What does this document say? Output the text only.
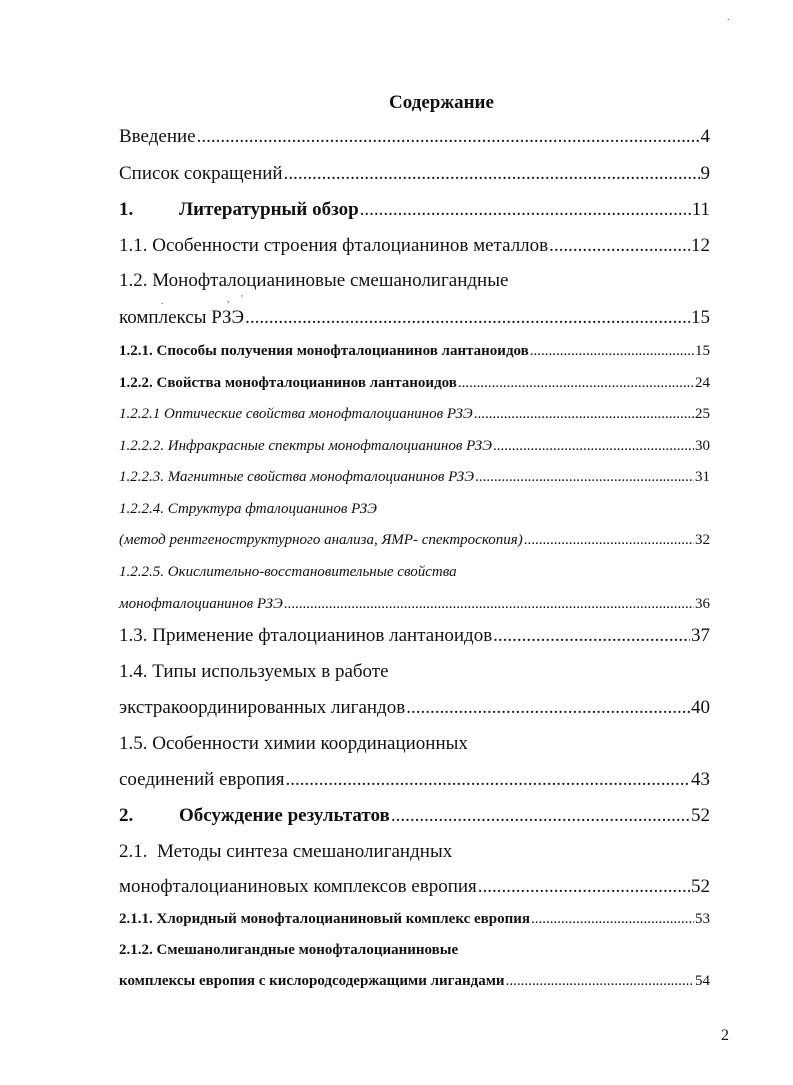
Содержание
Введение .....	4
Список сокращений .....	9
1. Литературный обзор .....	11
1.1. Особенности строения фталоцианинов металлов .....	12
1.2. Монофталоцианиновые смешанолигандные
.	, '
комплексы РЗЭ .....	15
1.2.1. Способы получения монофталоцианинов лантаноидов .....	15
1.2.2. Свойства монофталоцианинов лантаноидов .....	24
1.2.2.1 Оптические свойства монофталоцианинов РЗЭ .....	25
1.2.2.2. Инфракрасные спектры монофталоцианинов РЗЭ .....	30
1.2.2.3. Магнитные свойства монофталоцианинов РЗЭ .....	31
1.2.2.4. Структура фталоцианинов РЗЭ
(метод рентгеноструктурного анализа, ЯМР- спектроскопия) .....	32
1.2.2.5. Окислительно-восстановительные свойства
монофталоцианинов РЗЭ .....	36
1.3. Применение фталоцианинов лантаноидов .....	37
1.4. Типы используемых в работе
экстракоординированных лигандов .....	40
1.5. Особенности химии координационных
соединений европия .....	43
2. Обсуждение результатов .....	52
2.1.  Методы синтеза смешанолигандных
монофталоцианиновых комплексов европия .....	52
2.1.1. Хлоридный монофталоцианиновый комплекс европия .....	53
2.1.2. Смешанолигандные монофталоцианиновые
комплексы европия с кислородсодержащими лигандами .....	54
.
2
